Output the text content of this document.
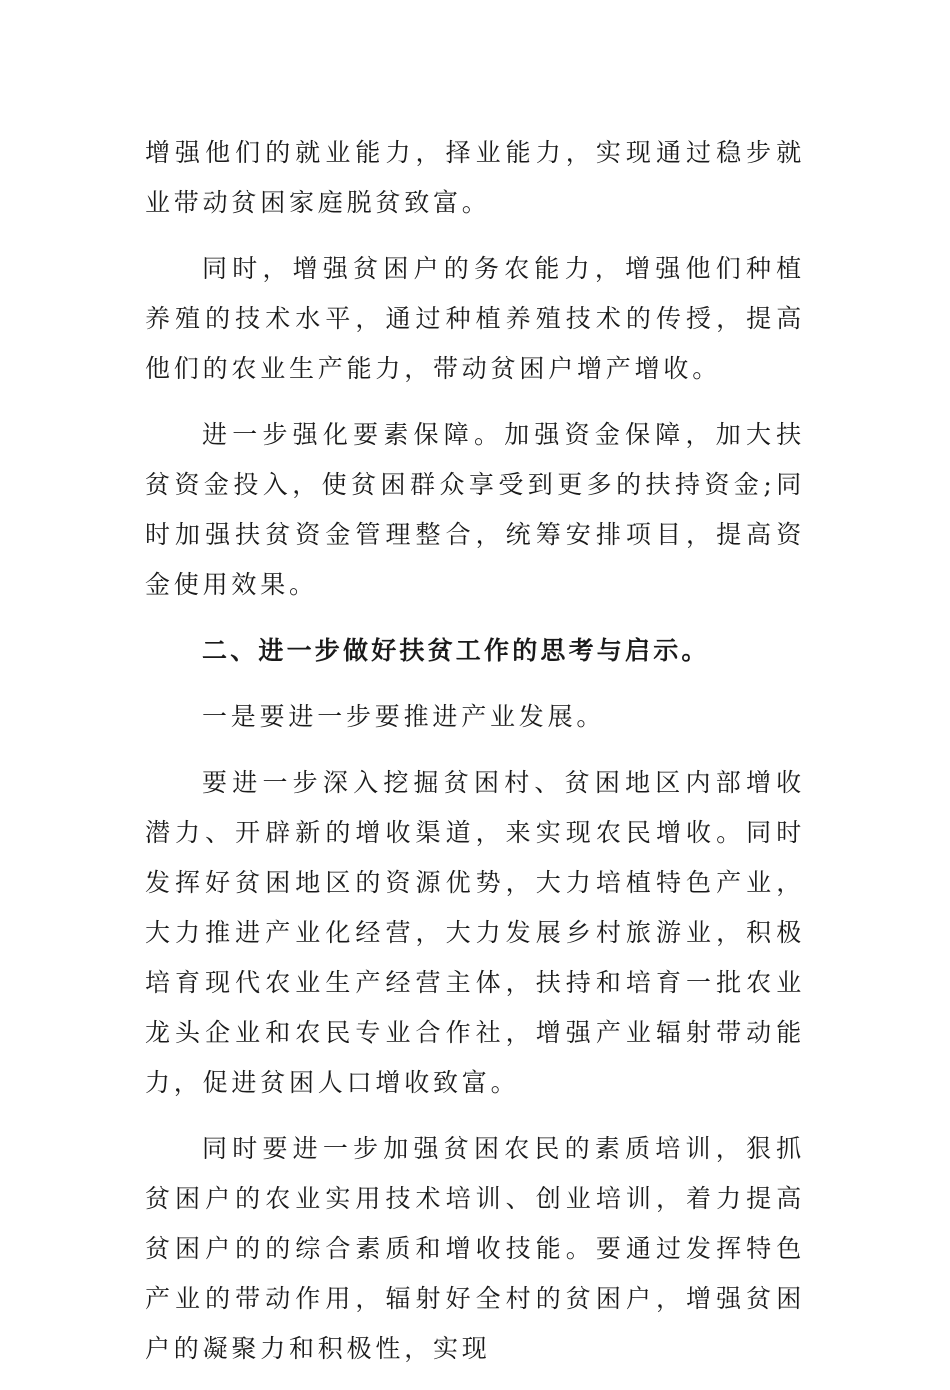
增强他们的就业能力，择业能力，实现通过稳步就业带动贫困家庭脱贫致富。

同时，增强贫困户的务农能力，增强他们种植养殖的技术水平，通过种植养殖技术的传授，提高他们的农业生产能力，带动贫困户增产增收。

进一步强化要素保障。加强资金保障，加大扶贫资金投入，使贫困群众享受到更多的扶持资金;同时加强扶贫资金管理整合，统筹安排项目，提高资金使用效果。

二、进一步做好扶贫工作的思考与启示。

一是要进一步要推进产业发展。

要进一步深入挖掘贫困村、贫困地区内部增收潜力、开辟新的增收渠道，来实现农民增收。同时发挥好贫困地区的资源优势，大力培植特色产业，大力推进产业化经营，大力发展乡村旅游业，积极培育现代农业生产经营主体，扶持和培育一批农业龙头企业和农民专业合作社，增强产业辐射带动能力，促进贫困人口增收致富。

同时要进一步加强贫困农民的素质培训，狠抓贫困户的农业实用技术培训、创业培训，着力提高贫困户的的综合素质和增收技能。要通过发挥特色产业的带动作用，辐射好全村的贫困户，增强贫困户的凝聚力和积极性，实现
